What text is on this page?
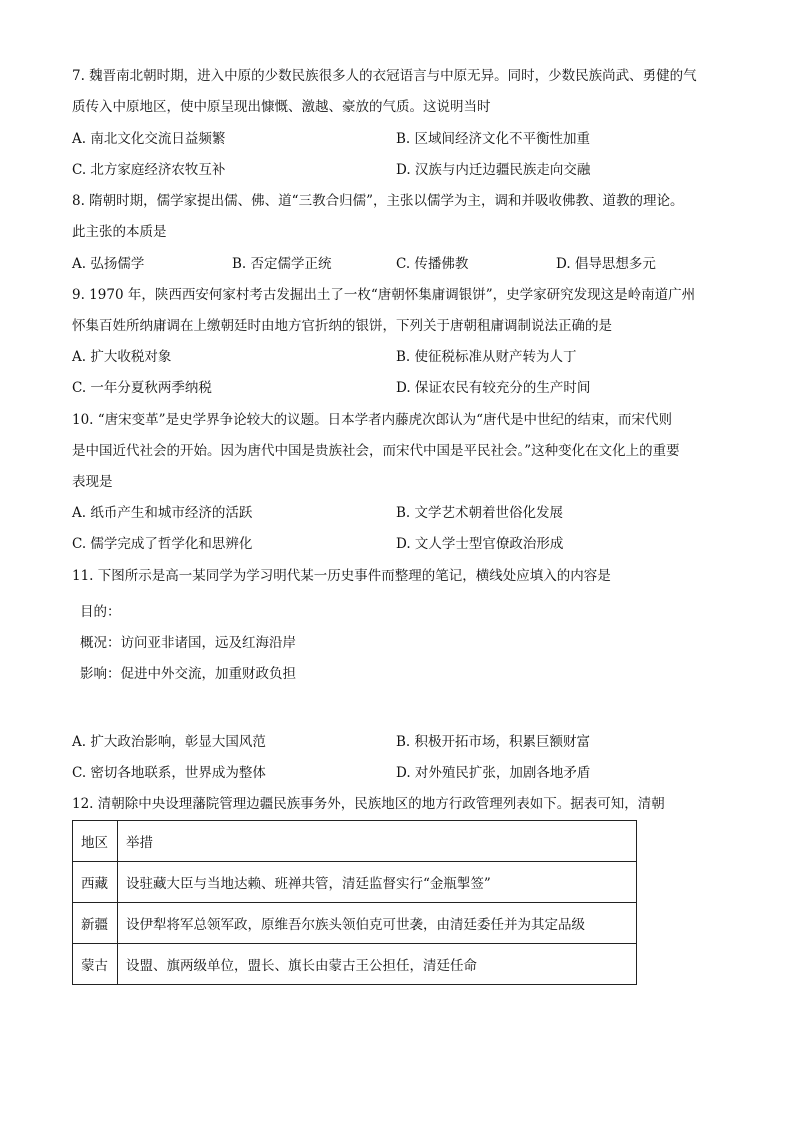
7. 魏晋南北朝时期，进入中原的少数民族很多人的衣冠语言与中原无异。同时，少数民族尚武、勇健的气
质传入中原地区，使中原呈现出慷慨、激越、豪放的气质。这说明当时
A. 南北文化交流日益频繁	B. 区域间经济文化不平衡性加重
C. 北方家庭经济农牧互补	D. 汉族与内迁边疆民族走向交融
8. 隋朝时期，儒学家提出儒、佛、道“三教合归儒”，主张以儒学为主，调和并吸收佛教、道教的理论。
此主张的本质是
A. 弘扬儒学	B. 否定儒学正统	C. 传播佛教	D. 倡导思想多元
9. 1970 年，陕西西安何家村考古发掘出土了一枚“唐朝怀集庸调银饼”，史学家研究发现这是岭南道广州
怀集百姓所纳庸调在上缴朝廷时由地方官折纳的银饼，下列关于唐朝租庸调制说法正确的是
A. 扩大收税对象	B. 使征税标准从财产转为人丁
C. 一年分夏秋两季纳税	D. 保证农民有较充分的生产时间
10. “唐宋变革”是史学界争论较大的议题。日本学者内藤虎次郎认为“唐代是中世纪的结束，而宋代则
是中国近代社会的开始。因为唐代中国是贵族社会，而宋代中国是平民社会。”这种变化在文化上的重要
表现是
A. 纸币产生和城市经济的活跃	B. 文学艺术朝着世俗化发展
C. 儒学完成了哲学化和思辨化	D. 文人学士型官僚政治形成
11. 下图所示是高一某同学为学习明代某一历史事件而整理的笔记，横线处应填入的内容是
目的：
概况：访问亚非诸国，远及红海沿岸
影响：促进中外交流，加重财政负担
A. 扩大政治影响，彰显大国风范	B. 积极开拓市场，积累巨额财富
C. 密切各地联系，世界成为整体	D. 对外殖民扩张，加剧各地矛盾
12. 清朝除中央设理藩院管理边疆民族事务外，民族地区的地方行政管理列表如下。据表可知，清朝
地区	举措
西藏	设驻藏大臣与当地达赖、班禅共管，清廷监督实行“金瓶掣签”
新疆	设伊犁将军总领军政，原维吾尔族头领伯克可世袭，由清廷委任并为其定品级
蒙古	设盟、旗两级单位，盟长、旗长由蒙古王公担任，清廷任命
